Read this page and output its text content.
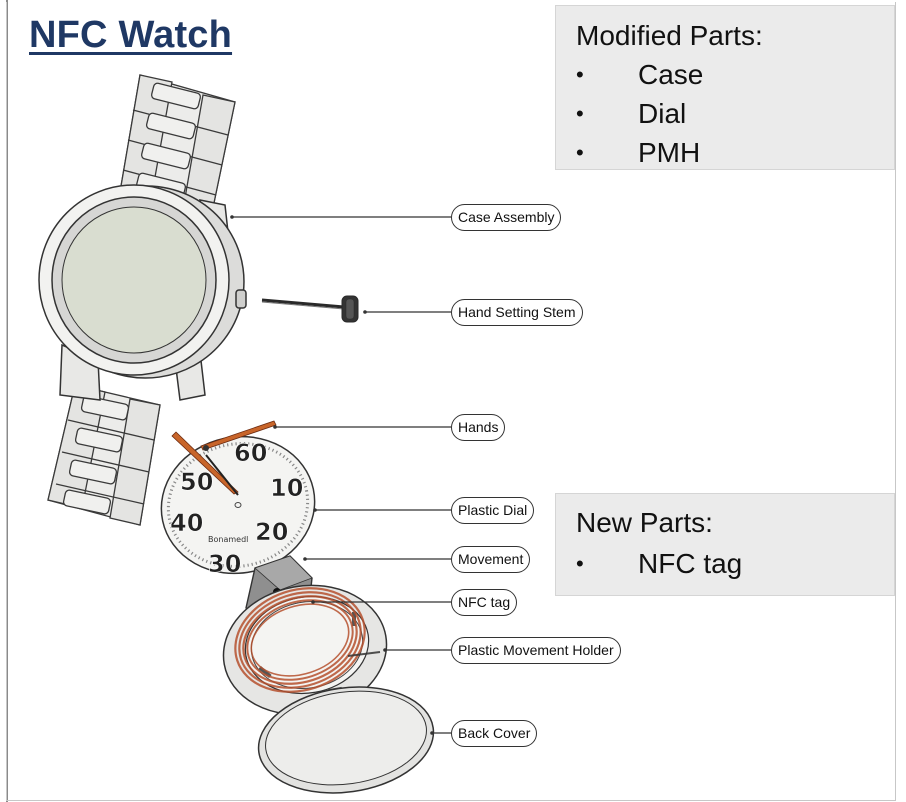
NFC Watch
60
10
20
30
40
50
Bonamedl
Case Assembly
Hand Setting Stem
Hands
Plastic Dial
Movement
NFC tag
Plastic Movement Holder
Back Cover
Modified Parts:
• Case
• Dial
• PMH
New Parts:
• NFC tag
